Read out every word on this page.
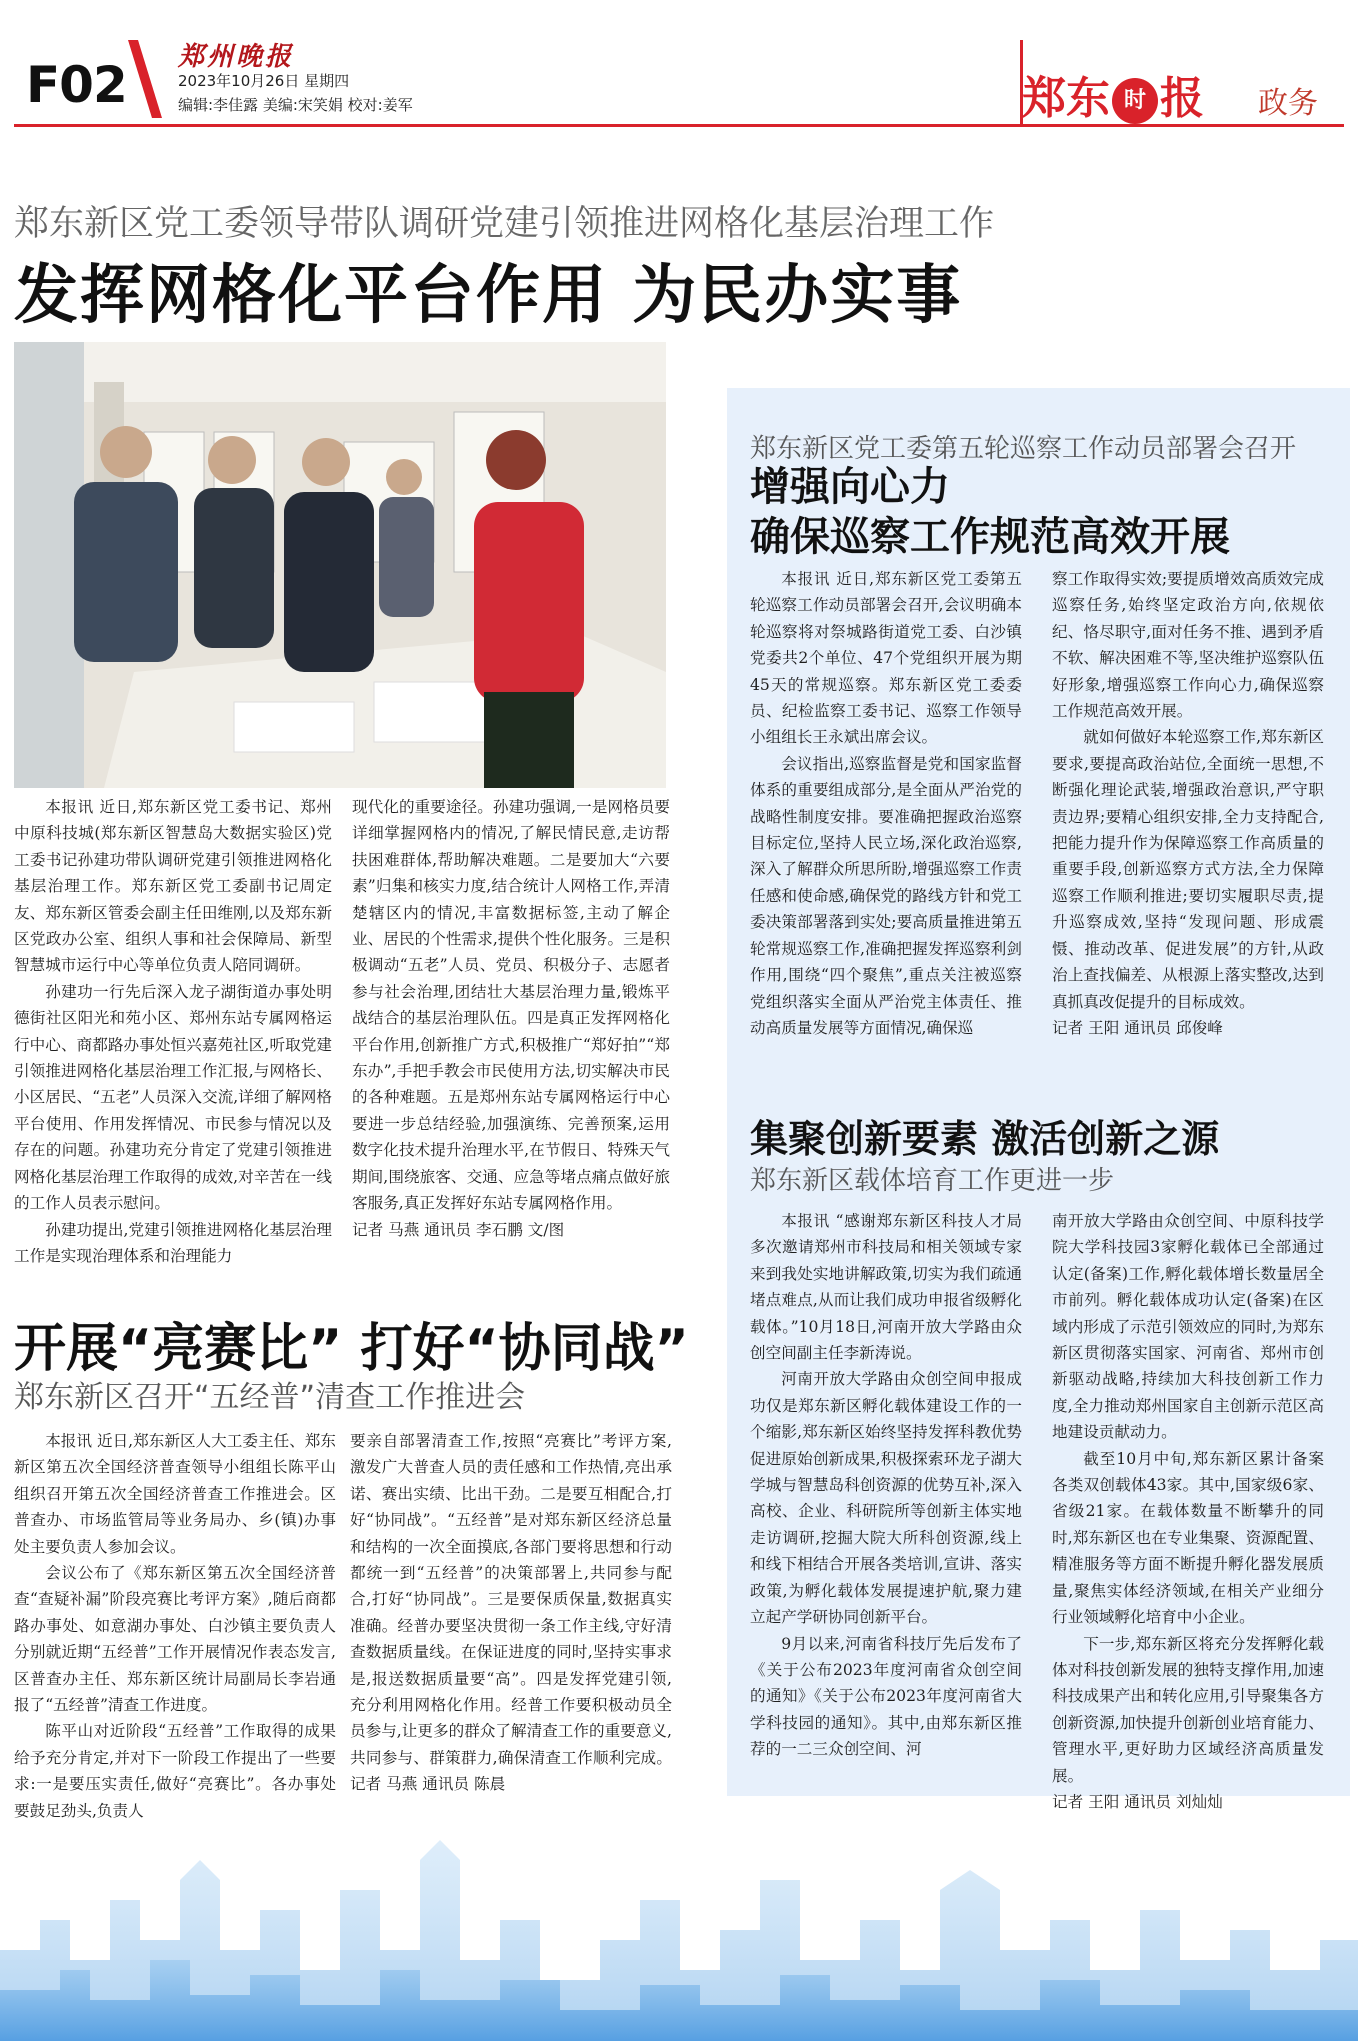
F02 郑州晚报
2023年10月26日 星期四
编辑:李佳露 美编:宋笑娟 校对:姜军	郑东 时 报 政务
郑东新区党工委领导带队调研党建引领推进网格化基层治理工作
发挥网格化平台作用 为民办实事

本报讯 近日,郑东新区党工委书记、郑州中原科技城(郑东新区智慧岛大数据实验区)党工委书记孙建功带队调研党建引领推进网格化基层治理工作。郑东新区党工委副书记周定友、郑东新区管委会副主任田维刚,以及郑东新区党政办公室、组织人事和社会保障局、新型智慧城市运行中心等单位负责人陪同调研。

孙建功一行先后深入龙子湖街道办事处明德街社区阳光和苑小区、郑州东站专属网格运行中心、商都路办事处恒兴嘉苑社区,听取党建引领推进网格化基层治理工作汇报,与网格长、小区居民、“五老”人员深入交流,详细了解网格平台使用、作用发挥情况、市民参与情况以及存在的问题。孙建功充分肯定了党建引领推进网格化基层治理工作取得的成效,对辛苦在一线的工作人员表示慰问。

孙建功提出,党建引领推进网格化基层治理工作是实现治理体系和治理能力

现代化的重要途径。孙建功强调,一是网格员要详细掌握网格内的情况,了解民情民意,走访帮扶困难群体,帮助解决难题。二是要加大“六要素”归集和核实力度,结合统计人网格工作,弄清楚辖区内的情况,丰富数据标签,主动了解企业、居民的个性需求,提供个性化服务。三是积极调动“五老”人员、党员、积极分子、志愿者参与社会治理,团结壮大基层治理力量,锻炼平战结合的基层治理队伍。四是真正发挥网格化平台作用,创新推广方式,积极推广“郑好拍”“郑东办”,手把手教会市民使用方法,切实解决市民的各种难题。五是郑州东站专属网格运行中心要进一步总结经验,加强演练、完善预案,运用数字化技术提升治理水平,在节假日、特殊天气期间,围绕旅客、交通、应急等堵点痛点做好旅客服务,真正发挥好东站专属网格作用。

记者 马燕 通讯员 李石鹏 文/图

郑东新区党工委第五轮巡察工作动员部署会召开
增强向心力
确保巡察工作规范高效开展

本报讯 近日,郑东新区党工委第五轮巡察工作动员部署会召开,会议明确本轮巡察将对祭城路街道党工委、白沙镇党委共2个单位、47个党组织开展为期45天的常规巡察。郑东新区党工委委员、纪检监察工委书记、巡察工作领导小组组长王永斌出席会议。

会议指出,巡察监督是党和国家监督体系的重要组成部分,是全面从严治党的战略性制度安排。要准确把握政治巡察目标定位,坚持人民立场,深化政治巡察,深入了解群众所思所盼,增强巡察工作责任感和使命感,确保党的路线方针和党工委决策部署落到实处;要高质量推进第五轮常规巡察工作,准确把握发挥巡察利剑作用,围绕“四个聚焦”,重点关注被巡察党组织落实全面从严治党主体责任、推动高质量发展等方面情况,确保巡

察工作取得实效;要提质增效高质效完成巡察任务,始终坚定政治方向,依规依纪、恪尽职守,面对任务不推、遇到矛盾不软、解决困难不等,坚决维护巡察队伍好形象,增强巡察工作向心力,确保巡察工作规范高效开展。

就如何做好本轮巡察工作,郑东新区要求,要提高政治站位,全面统一思想,不断强化理论武装,增强政治意识,严守职责边界;要精心组织安排,全力支持配合,把能力提升作为保障巡察工作高质量的重要手段,创新巡察方式方法,全力保障巡察工作顺利推进;要切实履职尽责,提升巡察成效,坚持“发现问题、形成震慑、推动改革、促进发展”的方针,从政治上查找偏差、从根源上落实整改,达到真抓真改促提升的目标成效。

记者 王阳 通讯员 邱俊峰

集聚创新要素 激活创新之源
郑东新区载体培育工作更进一步

本报讯 “感谢郑东新区科技人才局多次邀请郑州市科技局和相关领域专家来到我处实地讲解政策,切实为我们疏通堵点难点,从而让我们成功申报省级孵化载体。”10月18日,河南开放大学路由众创空间副主任李新涛说。

河南开放大学路由众创空间申报成功仅是郑东新区孵化载体建设工作的一个缩影,郑东新区始终坚持发挥科教优势促进原始创新成果,积极探索环龙子湖大学城与智慧岛科创资源的优势互补,深入高校、企业、科研院所等创新主体实地走访调研,挖掘大院大所科创资源,线上和线下相结合开展各类培训,宣讲、落实政策,为孵化载体发展提速护航,聚力建立起产学研协同创新平台。

9月以来,河南省科技厅先后发布了《关于公布2023年度河南省众创空间的通知》《关于公布2023年度河南省大学科技园的通知》。其中,由郑东新区推荐的一二三众创空间、河

南开放大学路由众创空间、中原科技学院大学科技园3家孵化载体已全部通过认定(备案)工作,孵化载体增长数量居全市前列。孵化载体成功认定(备案)在区域内形成了示范引领效应的同时,为郑东新区贯彻落实国家、河南省、郑州市创新驱动战略,持续加大科技创新工作力度,全力推动郑州国家自主创新示范区高地建设贡献动力。

截至10月中旬,郑东新区累计备案各类双创载体43家。其中,国家级6家、省级21家。在载体数量不断攀升的同时,郑东新区也在专业集聚、资源配置、精准服务等方面不断提升孵化器发展质量,聚焦实体经济领域,在相关产业细分行业领域孵化培育中小企业。

下一步,郑东新区将充分发挥孵化载体对科技创新发展的独特支撑作用,加速科技成果产出和转化应用,引导聚集各方创新资源,加快提升创新创业培育能力、管理水平,更好助力区域经济高质量发展。

记者 王阳 通讯员 刘灿灿

开展“亮赛比” 打好“协同战”
郑东新区召开“五经普”清查工作推进会

本报讯 近日,郑东新区人大工委主任、郑东新区第五次全国经济普查领导小组组长陈平山组织召开第五次全国经济普查工作推进会。区普查办、市场监管局等业务局办、乡(镇)办事处主要负责人参加会议。

会议公布了《郑东新区第五次全国经济普查“查疑补漏”阶段亮赛比考评方案》,随后商都路办事处、如意湖办事处、白沙镇主要负责人分别就近期“五经普”工作开展情况作表态发言,区普查办主任、郑东新区统计局副局长李岩通报了“五经普”清查工作进度。

陈平山对近阶段“五经普”工作取得的成果给予充分肯定,并对下一阶段工作提出了一些要求:一是要压实责任,做好“亮赛比”。各办事处要鼓足劲头,负责人

要亲自部署清查工作,按照“亮赛比”考评方案,激发广大普查人员的责任感和工作热情,亮出承诺、赛出实绩、比出干劲。二是要互相配合,打好“协同战”。“五经普”是对郑东新区经济总量和结构的一次全面摸底,各部门要将思想和行动都统一到“五经普”的决策部署上,共同参与配合,打好“协同战”。三是要保质保量,数据真实准确。经普办要坚决贯彻一条工作主线,守好清查数据质量线。在保证进度的同时,坚持实事求是,报送数据质量要“高”。四是发挥党建引领,充分利用网格化作用。经普工作要积极动员全员参与,让更多的群众了解清查工作的重要意义,共同参与、群策群力,确保清查工作顺利完成。记者 马燕 通讯员 陈晨
